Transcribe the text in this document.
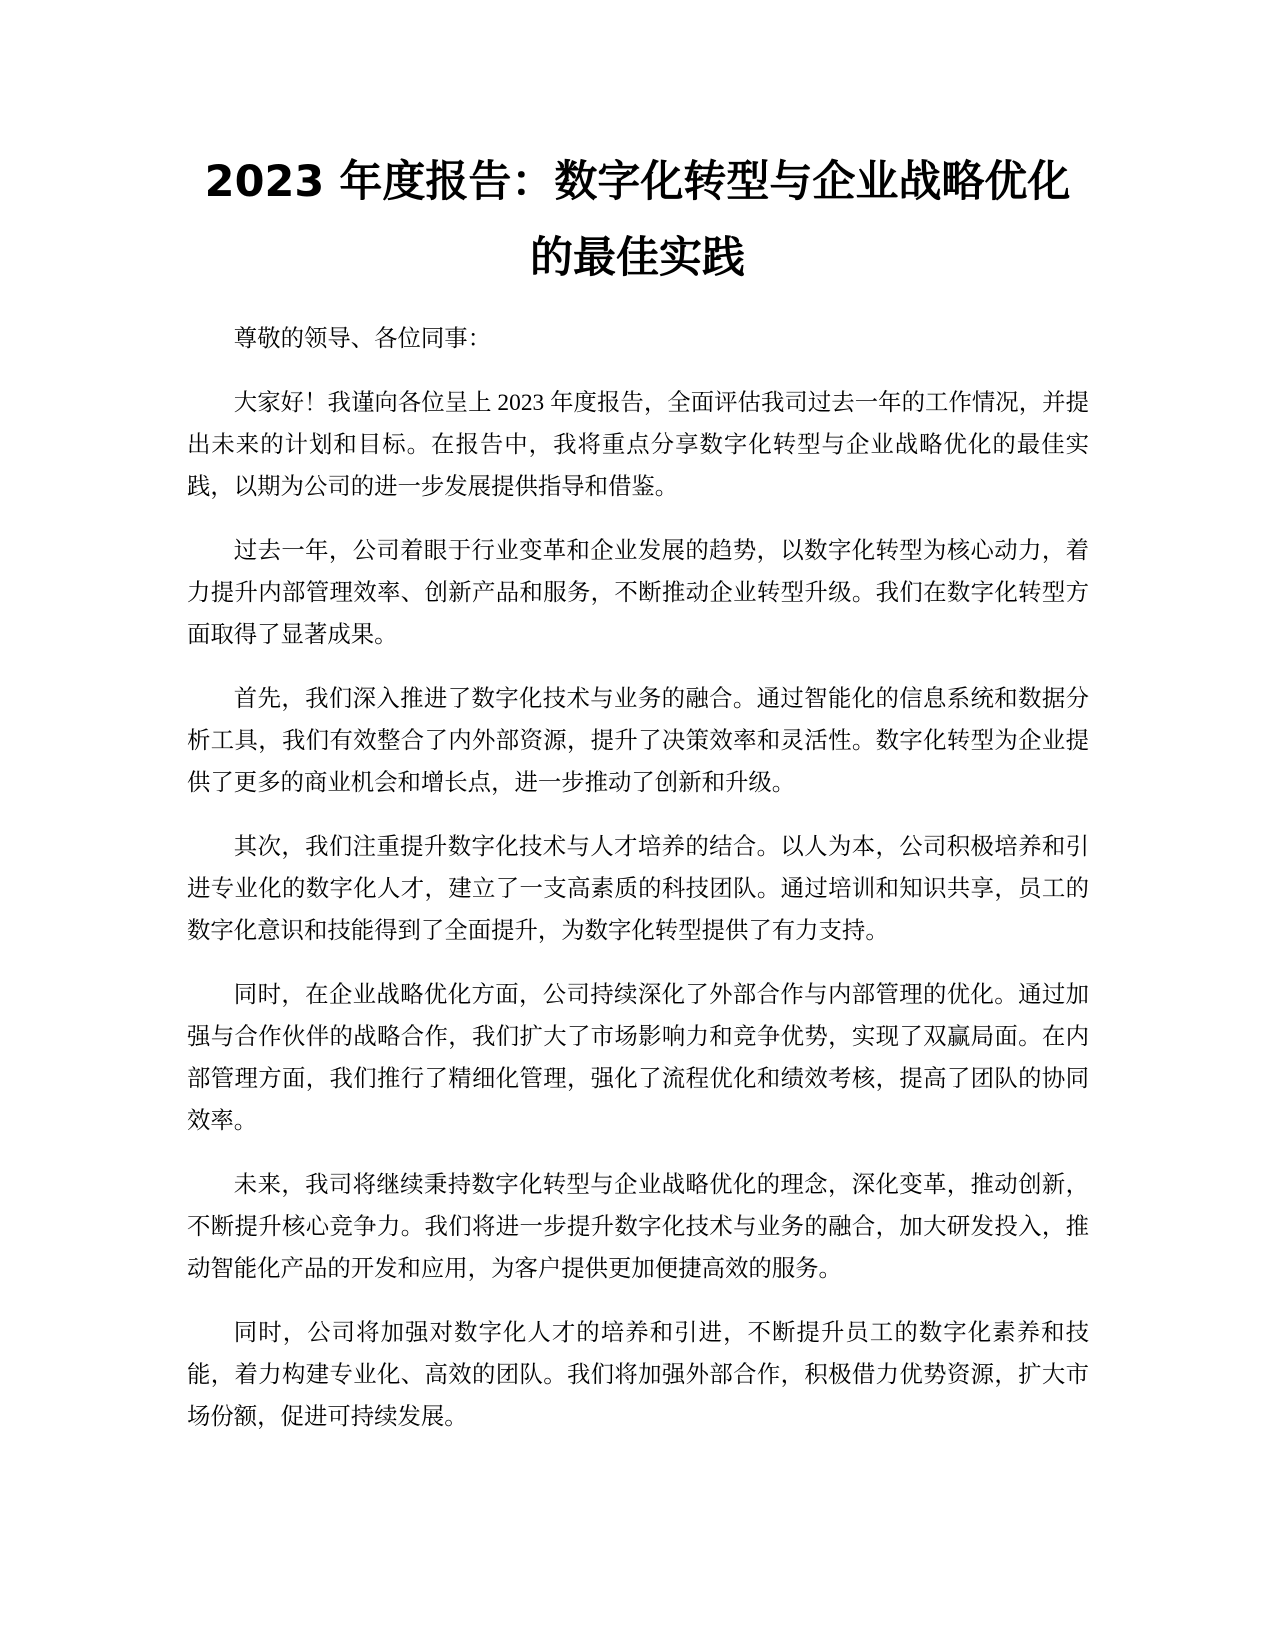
2023 年度报告：数字化转型与企业战略优化
的最佳实践

尊敬的领导、各位同事：

大家好！我谨向各位呈上 2023 年度报告，全面评估我司过去一年的工作情况，并提出未来的计划和目标。在报告中，我将重点分享数字化转型与企业战略优化的最佳实践，以期为公司的进一步发展提供指导和借鉴。

过去一年，公司着眼于行业变革和企业发展的趋势，以数字化转型为核心动力，着力提升内部管理效率、创新产品和服务，不断推动企业转型升级。我们在数字化转型方面取得了显著成果。

首先，我们深入推进了数字化技术与业务的融合。通过智能化的信息系统和数据分析工具，我们有效整合了内外部资源，提升了决策效率和灵活性。数字化转型为企业提供了更多的商业机会和增长点，进一步推动了创新和升级。

其次，我们注重提升数字化技术与人才培养的结合。以人为本，公司积极培养和引进专业化的数字化人才，建立了一支高素质的科技团队。通过培训和知识共享，员工的数字化意识和技能得到了全面提升，为数字化转型提供了有力支持。

同时，在企业战略优化方面，公司持续深化了外部合作与内部管理的优化。通过加强与合作伙伴的战略合作，我们扩大了市场影响力和竞争优势，实现了双赢局面。在内部管理方面，我们推行了精细化管理，强化了流程优化和绩效考核，提高了团队的协同效率。

未来，我司将继续秉持数字化转型与企业战略优化的理念，深化变革，推动创新，不断提升核心竞争力。我们将进一步提升数字化技术与业务的融合，加大研发投入，推动智能化产品的开发和应用，为客户提供更加便捷高效的服务。

同时，公司将加强对数字化人才的培养和引进，不断提升员工的数字化素养和技能，着力构建专业化、高效的团队。我们将加强外部合作，积极借力优势资源，扩大市场份额，促进可持续发展。
